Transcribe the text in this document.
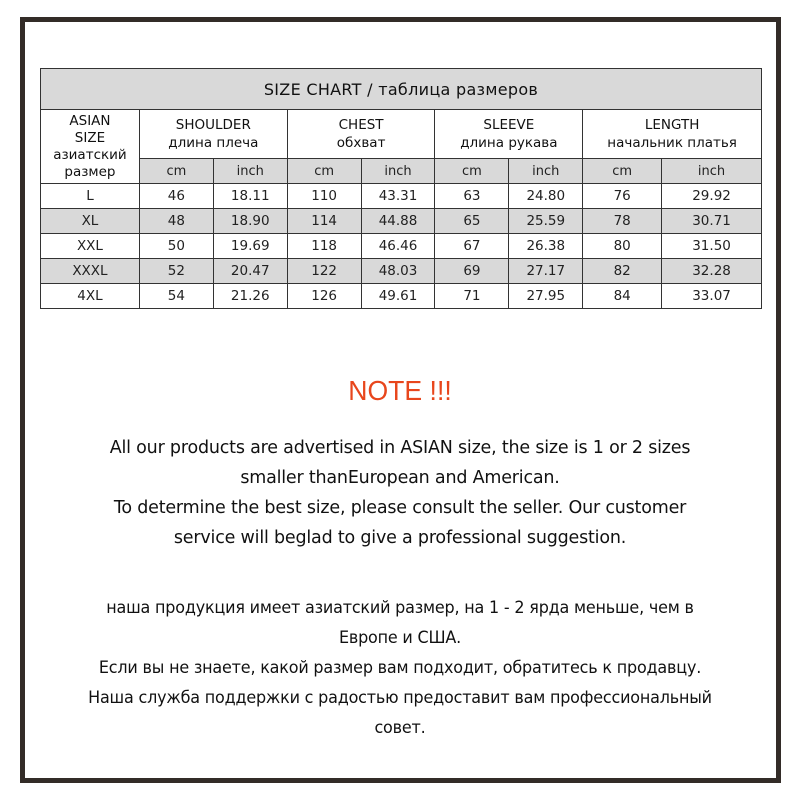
SIZE CHART / таблица размеров								

ASIAN
SIZE
азиатский
размер

SHOULDER
длина плеча

CHEST
обхват

SLEEVE
длина рукава

LENGTH
начальник платья

	cm	inch	cm	inch	cm	inch	cm	inch
L	46	18.11	110	43.31	63	24.80	76	29.92
XL	48	18.90	114	44.88	65	25.59	78	30.71
XXL	50	19.69	118	46.46	67	26.38	80	31.50
XXXL	52	20.47	122	48.03	69	27.17	82	32.28
4XL	54	21.26	126	49.61	71	27.95	84	33.07
NOTE !!!
All our products are advertised in ASIAN size, the size is 1 or 2 sizes
smaller thanEuropean and American.
To determine the best size, please consult the seller. Our customer
service will beglad to give a professional suggestion.
наша продукция имеет азиатский размер, на 1 - 2 ярда меньше, чем в
Европе и США.
Если вы не знаете, какой размер вам подходит, обратитесь к продавцу.
Наша служба поддержки с радостью предоставит вам профессиональный
совет.
